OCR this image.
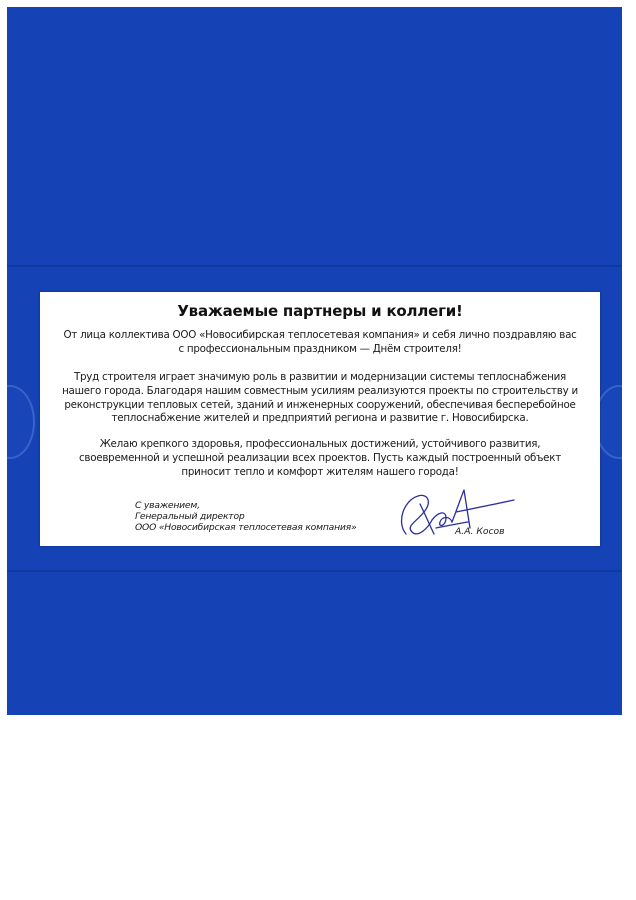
Уважаемые партнеры и коллеги!

От лица коллектива ООО «Новосибирская теплосетевая компания» и себя лично поздравляю вас с профессиональным праздником — Днём строителя!

Труд строителя играет значимую роль в развитии и модернизации системы теплоснабжения нашего города. Благодаря нашим совместным усилиям реализуются проекты по строительству и реконструкции тепловых сетей, зданий и инженерных сооружений, обеспечивая бесперебойное теплоснабжение жителей и предприятий региона и развитие г. Новосибирска.

Желаю крепкого здоровья, профессиональных достижений, устойчивого развития, своевременной и успешной реализации всех проектов. Пусть каждый построенный объект приносит тепло и комфорт жителям нашего города!

С уважением,
Генеральный директор
ООО «Новосибирская теплосетевая компания»	А.А. Косов
